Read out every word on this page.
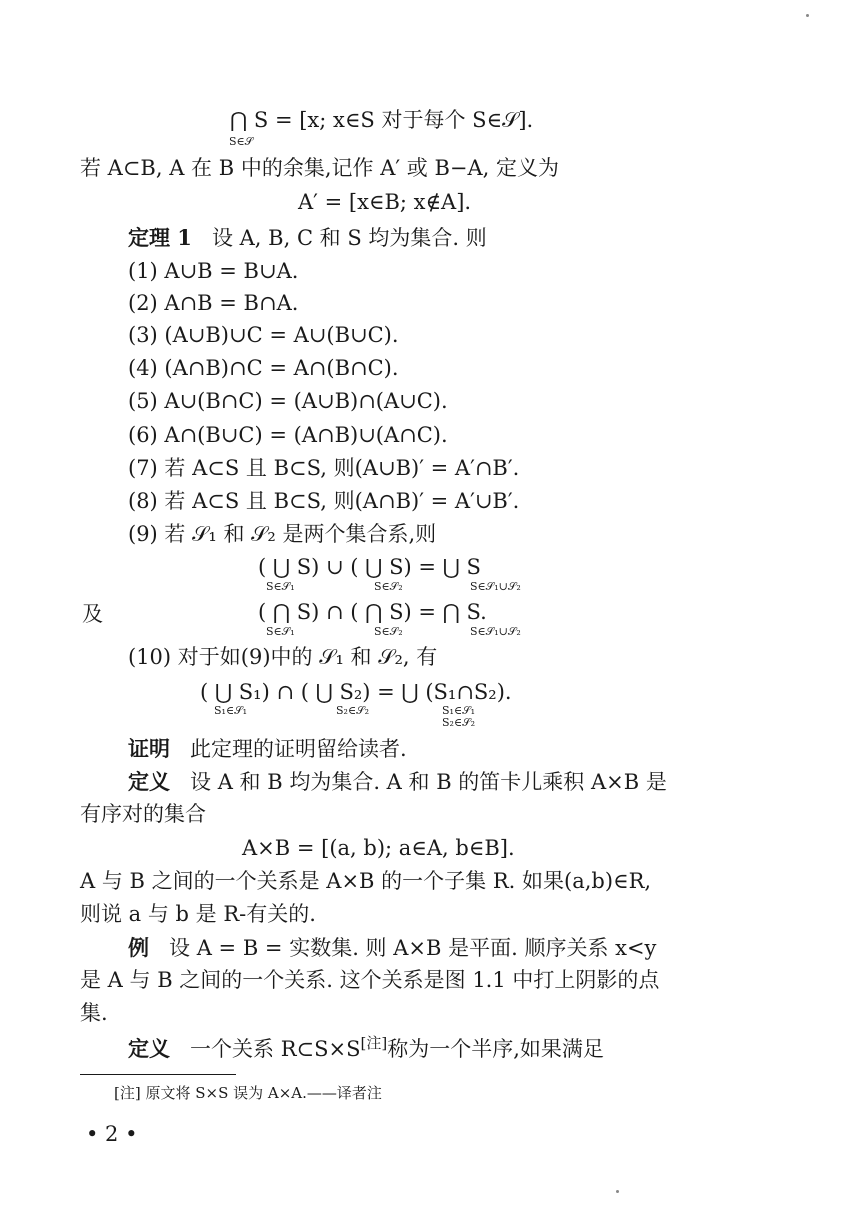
⋂ S = [x; x∈S 对于每个 S∈𝒮].
S∈𝒮
若 A⊂B, A 在 B 中的余集,记作 A′ 或 B−A, 定义为
A′ = [x∈B; x∉A].
定理 1 设 A, B, C 和 S 均为集合. 则
(1) A∪B = B∪A.
(2) A∩B = B∩A.
(3) (A∪B)∪C = A∪(B∪C).
(4) (A∩B)∩C = A∩(B∩C).
(5) A∪(B∩C) = (A∪B)∩(A∪C).
(6) A∩(B∪C) = (A∩B)∪(A∩C).
(7) 若 A⊂S 且 B⊂S, 则(A∪B)′ = A′∩B′.
(8) 若 A⊂S 且 B⊂S, 则(A∩B)′ = A′∪B′.
(9) 若 𝒮₁ 和 𝒮₂ 是两个集合系,则
( ⋃ S) ∪ ( ⋃ S) = ⋃ S
S∈𝒮₁	S∈𝒮₂	S∈𝒮₁∪𝒮₂
及	( ⋂ S) ∩ ( ⋂ S) = ⋂ S.
S∈𝒮₁	S∈𝒮₂	S∈𝒮₁∪𝒮₂
(10) 对于如(9)中的 𝒮₁ 和 𝒮₂, 有
( ⋃ S₁) ∩ ( ⋃ S₂) = ⋃ (S₁∩S₂).
S₁∈𝒮₁	S₂∈𝒮₂	S₁∈𝒮₁
S₂∈𝒮₂
证明 此定理的证明留给读者.
定义 设 A 和 B 均为集合. A 和 B 的笛卡儿乘积 A×B 是
有序对的集合
A×B = [(a, b); a∈A, b∈B].
A 与 B 之间的一个关系是 A×B 的一个子集 R. 如果(a,b)∈R,
则说 a 与 b 是 R-有关的.
例 设 A = B = 实数集. 则 A×B 是平面. 顺序关系 x<y
是 A 与 B 之间的一个关系. 这个关系是图 1.1 中打上阴影的点
集.
定义 一个关系 R⊂S×S[注]称为一个半序,如果满足
[注] 原文将 S×S 误为 A×A.——译者注
• 2 •
